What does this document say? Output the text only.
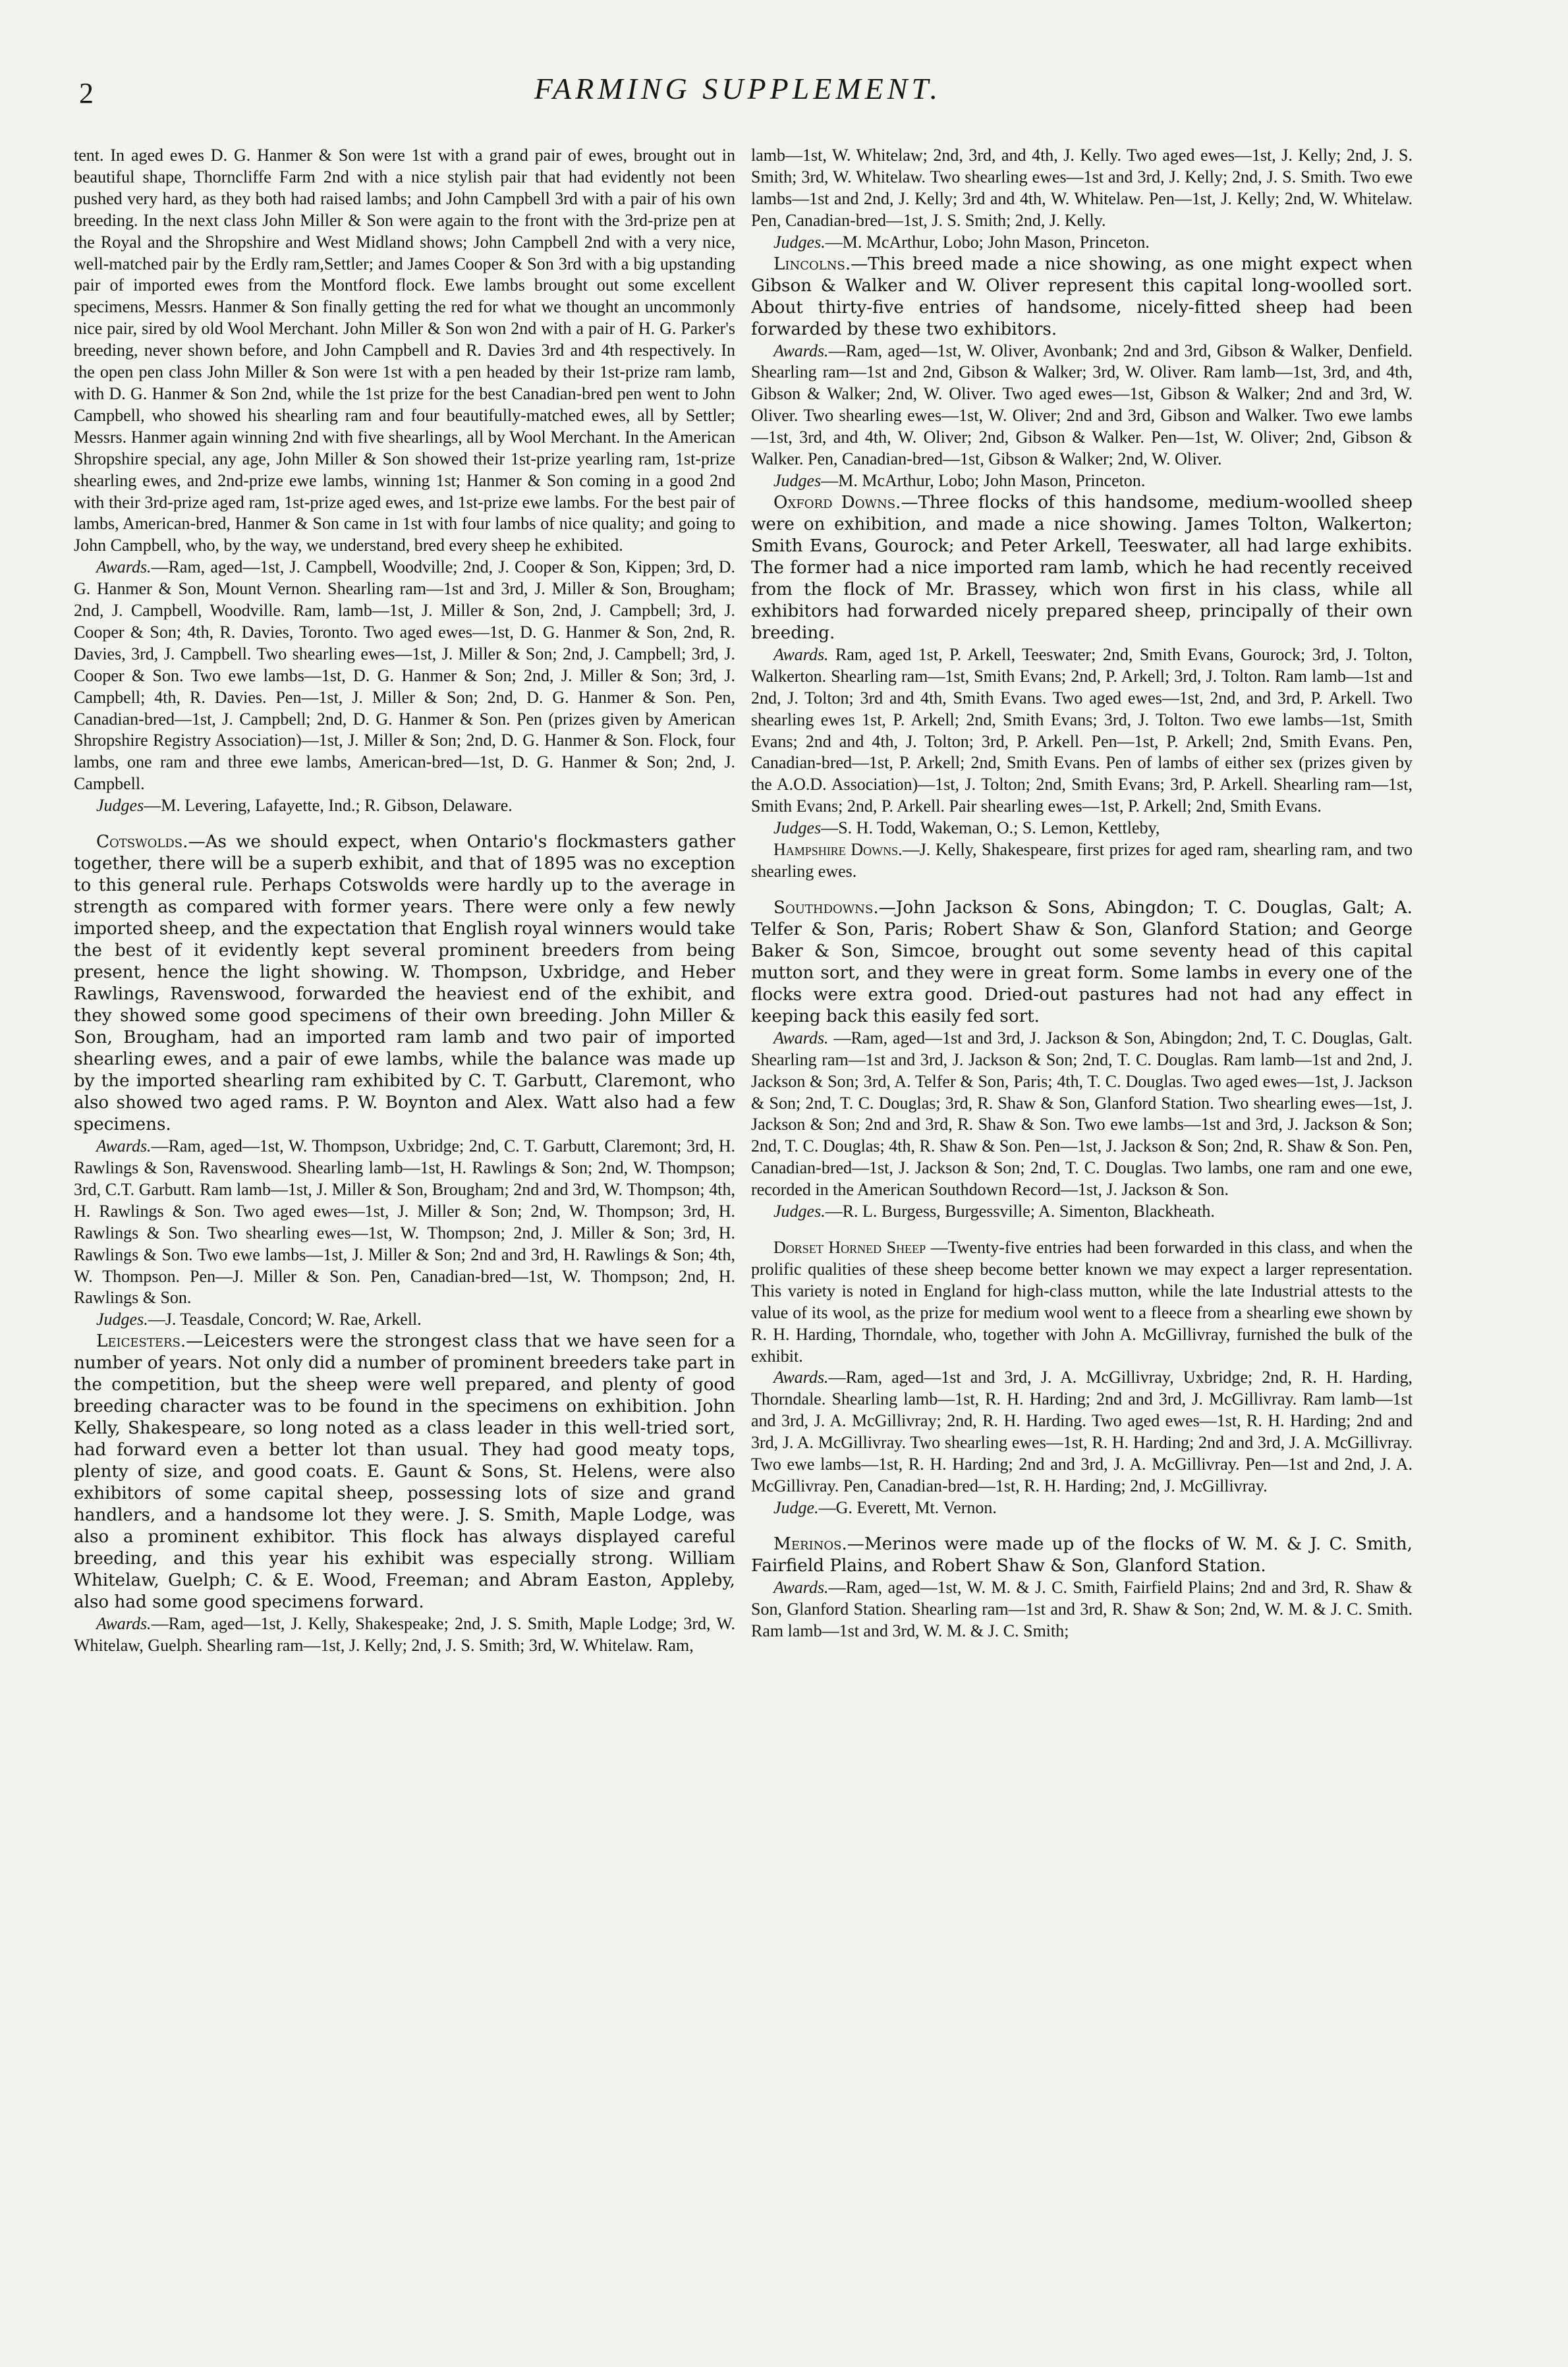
2	FARMING SUPPLEMENT.

tent. In aged ewes D. G. Hanmer & Son were 1st with a grand pair of ewes, brought out in beautiful shape, Thorncliffe Farm 2nd with a nice stylish pair that had evidently not been pushed very hard, as they both had raised lambs; and John Campbell 3rd with a pair of his own breeding. In the next class John Miller & Son were again to the front with the 3rd-prize pen at the Royal and the Shropshire and West Midland shows; John Campbell 2nd with a very nice, well-matched pair by the Erdly ram,Settler; and James Cooper & Son 3rd with a big upstanding pair of imported ewes from the Montford flock. Ewe lambs brought out some excellent specimens, Messrs. Hanmer & Son finally getting the red for what we thought an uncommonly nice pair, sired by old Wool Merchant. John Miller & Son won 2nd with a pair of H. G. Parker's breeding, never shown before, and John Campbell and R. Davies 3rd and 4th respectively. In the open pen class John Miller & Son were 1st with a pen headed by their 1st-prize ram lamb, with D. G. Hanmer & Son 2nd, while the 1st prize for the best Canadian-bred pen went to John Campbell, who showed his shearling ram and four beautifully-matched ewes, all by Settler; Messrs. Hanmer again winning 2nd with five shearlings, all by Wool Merchant. In the American Shropshire special, any age, John Miller & Son showed their 1st-prize yearling ram, 1st-prize shearling ewes, and 2nd-prize ewe lambs, winning 1st; Hanmer & Son coming in a good 2nd with their 3rd-prize aged ram, 1st-prize aged ewes, and 1st-prize ewe lambs. For the best pair of lambs, American-bred, Hanmer & Son came in 1st with four lambs of nice quality; and going to John Campbell, who, by the way, we understand, bred every sheep he exhibited.

Awards.—Ram, aged—1st, J. Campbell, Woodville; 2nd, J. Cooper & Son, Kippen; 3rd, D. G. Hanmer & Son, Mount Vernon. Shearling ram—1st and 3rd, J. Miller & Son, Brougham; 2nd, J. Campbell, Woodville. Ram, lamb—1st, J. Miller & Son, 2nd, J. Campbell; 3rd, J. Cooper & Son; 4th, R. Davies, Toronto. Two aged ewes—1st, D. G. Hanmer & Son, 2nd, R. Davies, 3rd, J. Campbell. Two shearling ewes—1st, J. Miller & Son; 2nd, J. Campbell; 3rd, J. Cooper & Son. Two ewe lambs—1st, D. G. Hanmer & Son; 2nd, J. Miller & Son; 3rd, J. Campbell; 4th, R. Davies. Pen—1st, J. Miller & Son; 2nd, D. G. Hanmer & Son. Pen, Canadian-bred—1st, J. Campbell; 2nd, D. G. Hanmer & Son. Pen (prizes given by American Shropshire Registry Association)—1st, J. Miller & Son; 2nd, D. G. Hanmer & Son. Flock, four lambs, one ram and three ewe lambs, American-bred—1st, D. G. Hanmer & Son; 2nd, J. Campbell.

Judges—M. Levering, Lafayette, Ind.; R. Gibson, Delaware.

Cotswolds.—As we should expect, when Ontario's flockmasters gather together, there will be a superb exhibit, and that of 1895 was no exception to this general rule. Perhaps Cotswolds were hardly up to the average in strength as compared with former years. There were only a few newly imported sheep, and the expectation that English royal winners would take the best of it evidently kept several prominent breeders from being present, hence the light showing. W. Thompson, Uxbridge, and Heber Rawlings, Ravenswood, forwarded the heaviest end of the exhibit, and they showed some good specimens of their own breeding. John Miller & Son, Brougham, had an imported ram lamb and two pair of imported shearling ewes, and a pair of ewe lambs, while the balance was made up by the imported shearling ram exhibited by C. T. Garbutt, Claremont, who also showed two aged rams. P. W. Boynton and Alex. Watt also had a few specimens.

Awards.—Ram, aged—1st, W. Thompson, Uxbridge; 2nd, C. T. Garbutt, Claremont; 3rd, H. Rawlings & Son, Ravenswood. Shearling lamb—1st, H. Rawlings & Son; 2nd, W. Thompson; 3rd, C.T. Garbutt. Ram lamb—1st, J. Miller & Son, Brougham; 2nd and 3rd, W. Thompson; 4th, H. Rawlings & Son. Two aged ewes—1st, J. Miller & Son; 2nd, W. Thompson; 3rd, H. Rawlings & Son. Two shearling ewes—1st, W. Thompson; 2nd, J. Miller & Son; 3rd, H. Rawlings & Son. Two ewe lambs—1st, J. Miller & Son; 2nd and 3rd, H. Rawlings & Son; 4th, W. Thompson. Pen—J. Miller & Son. Pen, Canadian-bred—1st, W. Thompson; 2nd, H. Rawlings & Son.

Judges.—J. Teasdale, Concord; W. Rae, Arkell.

Leicesters.—Leicesters were the strongest class that we have seen for a number of years. Not only did a number of prominent breeders take part in the competition, but the sheep were well prepared, and plenty of good breeding character was to be found in the specimens on exhibition. John Kelly, Shakespeare, so long noted as a class leader in this well-tried sort, had forward even a better lot than usual. They had good meaty tops, plenty of size, and good coats. E. Gaunt & Sons, St. Helens, were also exhibitors of some capital sheep, possessing lots of size and grand handlers, and a handsome lot they were. J. S. Smith, Maple Lodge, was also a prominent exhibitor. This flock has always displayed careful breeding, and this year his exhibit was especially strong. William Whitelaw, Guelph; C. & E. Wood, Freeman; and Abram Easton, Appleby, also had some good specimens forward.

Awards.—Ram, aged—1st, J. Kelly, Shakespeake; 2nd, J. S. Smith, Maple Lodge; 3rd, W. Whitelaw, Guelph. Shearling ram—1st, J. Kelly; 2nd, J. S. Smith; 3rd, W. Whitelaw. Ram,

lamb—1st, W. Whitelaw; 2nd, 3rd, and 4th, J. Kelly. Two aged ewes—1st, J. Kelly; 2nd, J. S. Smith; 3rd, W. Whitelaw. Two shearling ewes—1st and 3rd, J. Kelly; 2nd, J. S. Smith. Two ewe lambs—1st and 2nd, J. Kelly; 3rd and 4th, W. Whitelaw. Pen—1st, J. Kelly; 2nd, W. Whitelaw. Pen, Canadian-bred—1st, J. S. Smith; 2nd, J. Kelly.

Judges.—M. McArthur, Lobo; John Mason, Princeton.

Lincolns.—This breed made a nice showing, as one might expect when Gibson & Walker and W. Oliver represent this capital long-woolled sort. About thirty-five entries of handsome, nicely-fitted sheep had been forwarded by these two exhibitors.

Awards.—Ram, aged—1st, W. Oliver, Avonbank; 2nd and 3rd, Gibson & Walker, Denfield. Shearling ram—1st and 2nd, Gibson & Walker; 3rd, W. Oliver. Ram lamb—1st, 3rd, and 4th, Gibson & Walker; 2nd, W. Oliver. Two aged ewes—1st, Gibson & Walker; 2nd and 3rd, W. Oliver. Two shearling ewes—1st, W. Oliver; 2nd and 3rd, Gibson and Walker. Two ewe lambs—1st, 3rd, and 4th, W. Oliver; 2nd, Gibson & Walker. Pen—1st, W. Oliver; 2nd, Gibson & Walker. Pen, Canadian-bred—1st, Gibson & Walker; 2nd, W. Oliver.

Judges—M. McArthur, Lobo; John Mason, Princeton.

Oxford Downs.—Three flocks of this handsome, medium-woolled sheep were on exhibition, and made a nice showing. James Tolton, Walkerton; Smith Evans, Gourock; and Peter Arkell, Teeswater, all had large exhibits. The former had a nice imported ram lamb, which he had recently received from the flock of Mr. Brassey, which won first in his class, while all exhibitors had forwarded nicely prepared sheep, principally of their own breeding.

Awards. Ram, aged 1st, P. Arkell, Teeswater; 2nd, Smith Evans, Gourock; 3rd, J. Tolton, Walkerton. Shearling ram—1st, Smith Evans; 2nd, P. Arkell; 3rd, J. Tolton. Ram lamb—1st and 2nd, J. Tolton; 3rd and 4th, Smith Evans. Two aged ewes—1st, 2nd, and 3rd, P. Arkell. Two shearling ewes 1st, P. Arkell; 2nd, Smith Evans; 3rd, J. Tolton. Two ewe lambs—1st, Smith Evans; 2nd and 4th, J. Tolton; 3rd, P. Arkell. Pen—1st, P. Arkell; 2nd, Smith Evans. Pen, Canadian-bred—1st, P. Arkell; 2nd, Smith Evans. Pen of lambs of either sex (prizes given by the A.O.D. Association)—1st, J. Tolton; 2nd, Smith Evans; 3rd, P. Arkell. Shearling ram—1st, Smith Evans; 2nd, P. Arkell. Pair shearling ewes—1st, P. Arkell; 2nd, Smith Evans.

Judges—S. H. Todd, Wakeman, O.; S. Lemon, Kettleby,

Hampshire Downs.—J. Kelly, Shakespeare, first prizes for aged ram, shearling ram, and two shearling ewes.

Southdowns.—John Jackson & Sons, Abingdon; T. C. Douglas, Galt; A. Telfer & Son, Paris; Robert Shaw & Son, Glanford Station; and George Baker & Son, Simcoe, brought out some seventy head of this capital mutton sort, and they were in great form. Some lambs in every one of the flocks were extra good. Dried-out pastures had not had any effect in keeping back this easily fed sort.

Awards. —Ram, aged—1st and 3rd, J. Jackson & Son, Abingdon; 2nd, T. C. Douglas, Galt. Shearling ram—1st and 3rd, J. Jackson & Son; 2nd, T. C. Douglas. Ram lamb—1st and 2nd, J. Jackson & Son; 3rd, A. Telfer & Son, Paris; 4th, T. C. Douglas. Two aged ewes—1st, J. Jackson & Son; 2nd, T. C. Douglas; 3rd, R. Shaw & Son, Glanford Station. Two shearling ewes—1st, J. Jackson & Son; 2nd and 3rd, R. Shaw & Son. Two ewe lambs—1st and 3rd, J. Jackson & Son; 2nd, T. C. Douglas; 4th, R. Shaw & Son. Pen—1st, J. Jackson & Son; 2nd, R. Shaw & Son. Pen, Canadian-bred—1st, J. Jackson & Son; 2nd, T. C. Douglas. Two lambs, one ram and one ewe, recorded in the American Southdown Record—1st, J. Jackson & Son.

Judges.—R. L. Burgess, Burgessville; A. Simenton, Blackheath.

Dorset Horned Sheep —Twenty-five entries had been forwarded in this class, and when the prolific qualities of these sheep become better known we may expect a larger representation. This variety is noted in England for high-class mutton, while the late Industrial attests to the value of its wool, as the prize for medium wool went to a fleece from a shearling ewe shown by R. H. Harding, Thorndale, who, together with John A. McGillivray, furnished the bulk of the exhibit.

Awards.—Ram, aged—1st and 3rd, J. A. McGillivray, Uxbridge; 2nd, R. H. Harding, Thorndale. Shearling lamb—1st, R. H. Harding; 2nd and 3rd, J. McGillivray. Ram lamb—1st and 3rd, J. A. McGillivray; 2nd, R. H. Harding. Two aged ewes—1st, R. H. Harding; 2nd and 3rd, J. A. McGillivray. Two shearling ewes—1st, R. H. Harding; 2nd and 3rd, J. A. McGillivray. Two ewe lambs—1st, R. H. Harding; 2nd and 3rd, J. A. McGillivray. Pen—1st and 2nd, J. A. McGillivray. Pen, Canadian-bred—1st, R. H. Harding; 2nd, J. McGillivray.

Judge.—G. Everett, Mt. Vernon.

Merinos.—Merinos were made up of the flocks of W. M. & J. C. Smith, Fairfield Plains, and Robert Shaw & Son, Glanford Station.

Awards.—Ram, aged—1st, W. M. & J. C. Smith, Fairfield Plains; 2nd and 3rd, R. Shaw & Son, Glanford Station. Shearling ram—1st and 3rd, R. Shaw & Son; 2nd, W. M. & J. C. Smith. Ram lamb—1st and 3rd, W. M. & J. C. Smith;
